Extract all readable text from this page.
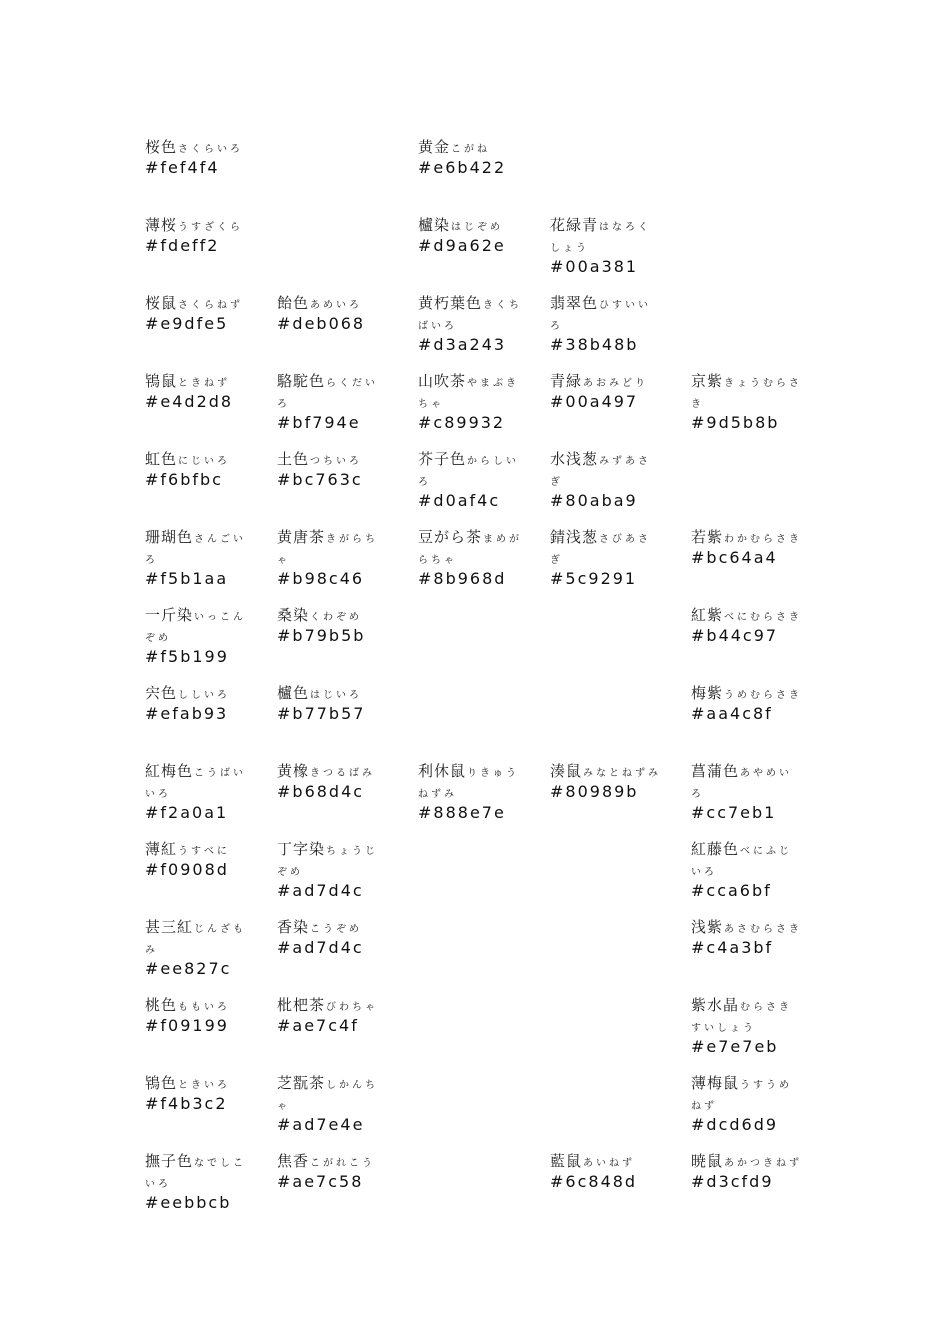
桜色さくらいろ
#fef4f4
薄桜うすざくら
#fdeff2
桜鼠さくらねず
#e9dfe5
鴇鼠ときねず
#e4d2d8
虹色にじいろ
#f6bfbc
珊瑚色さんごいろ
#f5b1aa
一斤染いっこんぞめ
#f5b199
宍色ししいろ
#efab93
紅梅色こうばいいろ
#f2a0a1
薄紅うすべに
#f0908d
甚三紅じんざもみ
#ee827c
桃色ももいろ
#f09199
鴇色ときいろ
#f4b3c2
撫子色なでしこいろ
#eebbcb
飴色あめいろ
#deb068
駱駝色らくだいろ
#bf794e
土色つちいろ
#bc763c
黄唐茶きがらちゃ
#b98c46
桑染くわぞめ
#b79b5b
櫨色はじいろ
#b77b57
黄橡きつるばみ
#b68d4c
丁字染ちょうじぞめ
#ad7d4c
香染こうぞめ
#ad7d4c
枇杷茶びわちゃ
#ae7c4f
芝翫茶しかんちゃ
#ad7e4e
焦香こがれこう
#ae7c58
黄金こがね
#e6b422
櫨染はじぞめ
#d9a62e
黄朽葉色きくちばいろ
#d3a243
山吹茶やまぶきちゃ
#c89932
芥子色からしいろ
#d0af4c
豆がら茶まめがらちゃ
#8b968d
利休鼠りきゅうねずみ
#888e7e
花緑青はなろくしょう
#00a381
翡翠色ひすいいろ
#38b48b
青緑あおみどり
#00a497
水浅葱みずあさぎ
#80aba9
錆浅葱さびあさぎ
#5c9291
湊鼠みなとねずみ
#80989b
藍鼠あいねず
#6c848d
京紫きょうむらさき
#9d5b8b
若紫わかむらさき
#bc64a4
紅紫べにむらさき
#b44c97
梅紫うめむらさき
#aa4c8f
菖蒲色あやめいろ
#cc7eb1
紅藤色べにふじいろ
#cca6bf
浅紫あさむらさき
#c4a3bf
紫水晶むらさきすいしょう
#e7e7eb
薄梅鼠うすうめねず
#dcd6d9
暁鼠あかつきねず
#d3cfd9
